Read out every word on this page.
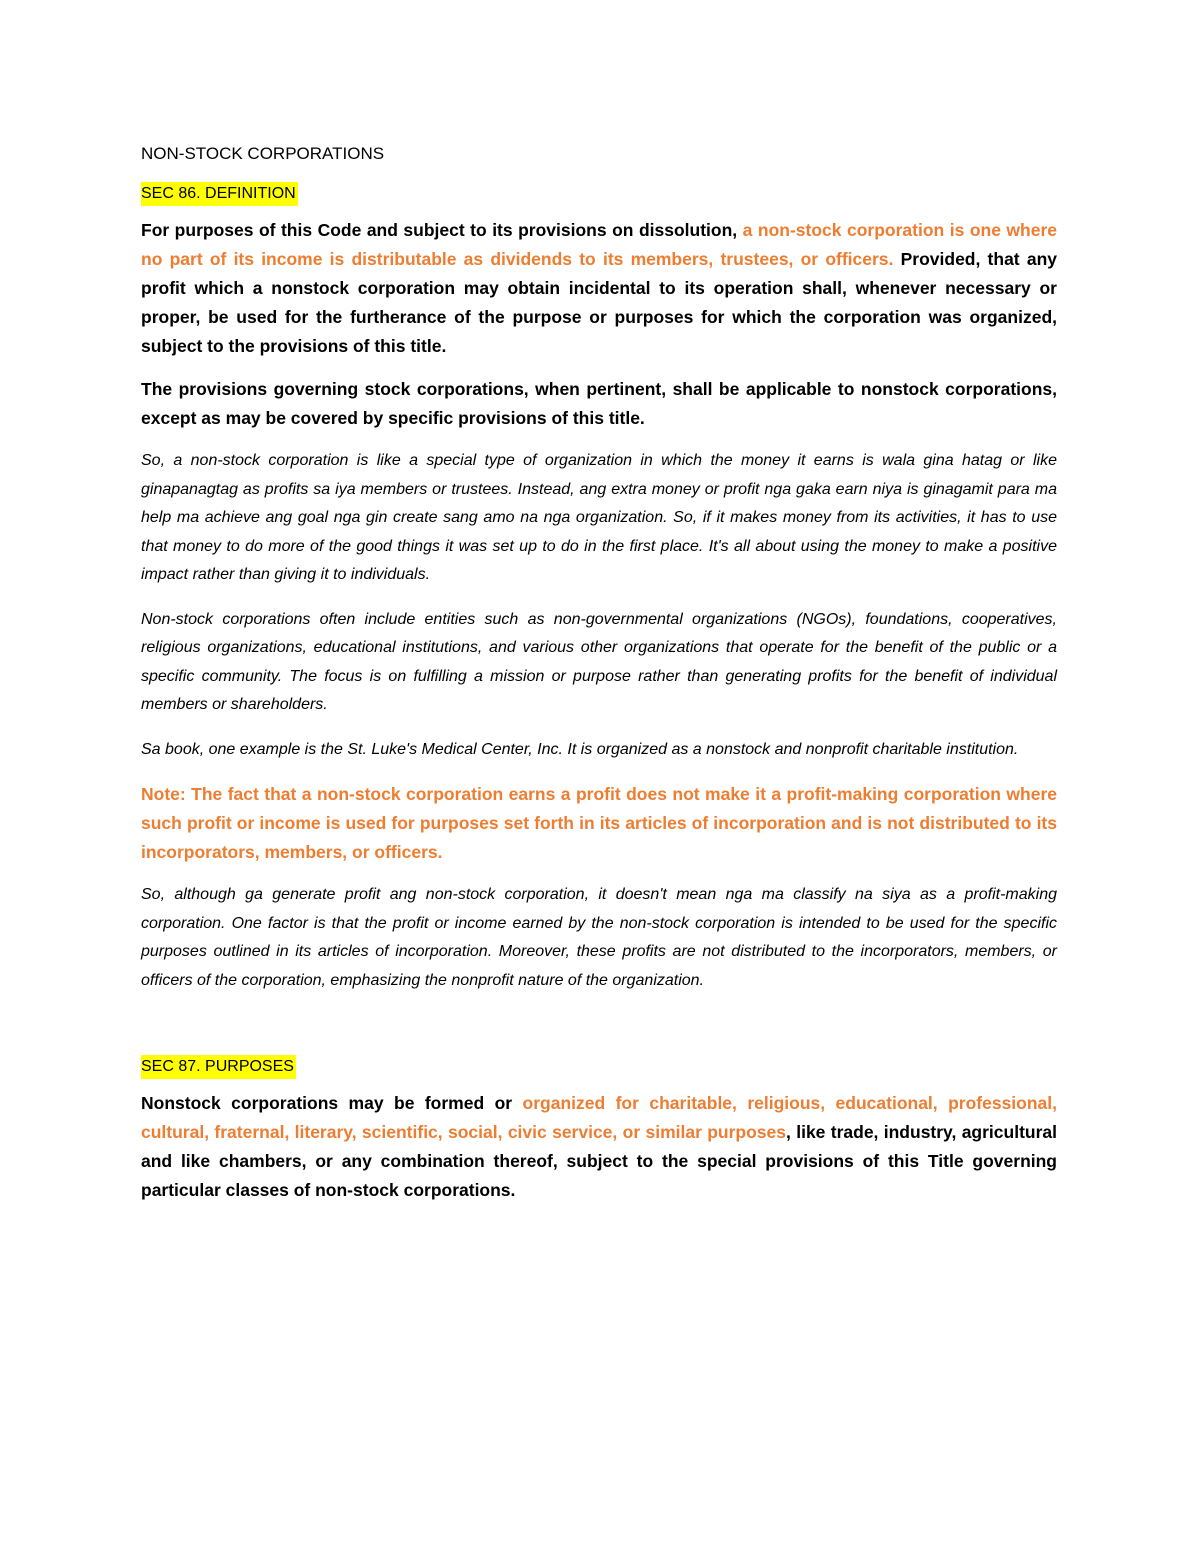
NON-STOCK CORPORATIONS
SEC 86. DEFINITION

For purposes of this Code and subject to its provisions on dissolution, a non-stock corporation is one where no part of its income is distributable as dividends to its members, trustees, or officers. Provided, that any profit which a nonstock corporation may obtain incidental to its operation shall, whenever necessary or proper, be used for the furtherance of the purpose or purposes for which the corporation was organized, subject to the provisions of this title.

The provisions governing stock corporations, when pertinent, shall be applicable to nonstock corporations, except as may be covered by specific provisions of this title.

So, a non-stock corporation is like a special type of organization in which the money it earns is wala gina hatag or like ginapanagtag as profits sa iya members or trustees. Instead, ang extra money or profit nga gaka earn niya is ginagamit para ma help ma achieve ang goal nga gin create sang amo na nga organization. So, if it makes money from its activities, it has to use that money to do more of the good things it was set up to do in the first place. It's all about using the money to make a positive impact rather than giving it to individuals.

Non-stock corporations often include entities such as non-governmental organizations (NGOs), foundations, cooperatives, religious organizations, educational institutions, and various other organizations that operate for the benefit of the public or a specific community. The focus is on fulfilling a mission or purpose rather than generating profits for the benefit of individual members or shareholders.

Sa book, one example is the St. Luke's Medical Center, Inc. It is organized as a nonstock and nonprofit charitable institution.

Note: The fact that a non-stock corporation earns a profit does not make it a profit-making corporation where such profit or income is used for purposes set forth in its articles of incorporation and is not distributed to its incorporators, members, or officers.

So, although ga generate profit ang non-stock corporation, it doesn't mean nga ma classify na siya as a profit-making corporation. One factor is that the profit or income earned by the non-stock corporation is intended to be used for the specific purposes outlined in its articles of incorporation. Moreover, these profits are not distributed to the incorporators, members, or officers of the corporation, emphasizing the nonprofit nature of the organization.

SEC 87. PURPOSES

Nonstock corporations may be formed or organized for charitable, religious, educational, professional, cultural, fraternal, literary, scientific, social, civic service, or similar purposes, like trade, industry, agricultural and like chambers, or any combination thereof, subject to the special provisions of this Title governing particular classes of non-stock corporations.
